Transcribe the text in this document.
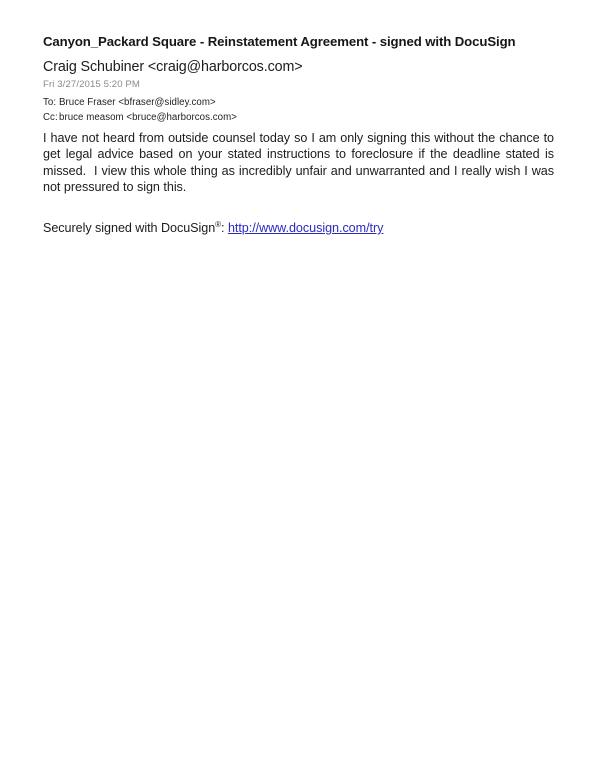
Canyon_Packard Square - Reinstatement Agreement - signed with DocuSign
Craig Schubiner <craig@harborcos.com>
Fri 3/27/2015 5:20 PM
To: Bruce Fraser <bfraser@sidley.com>
Cc:bruce measom <bruce@harborcos.com>

I have not heard from outside counsel today so I am only signing this without the chance to get legal advice based on your stated instructions to foreclosure if the deadline stated is missed.  I view this whole thing as incredibly unfair and unwarranted and I really wish I was not pressured to sign this.

Securely signed with DocuSign®: http://www.docusign.com/try
